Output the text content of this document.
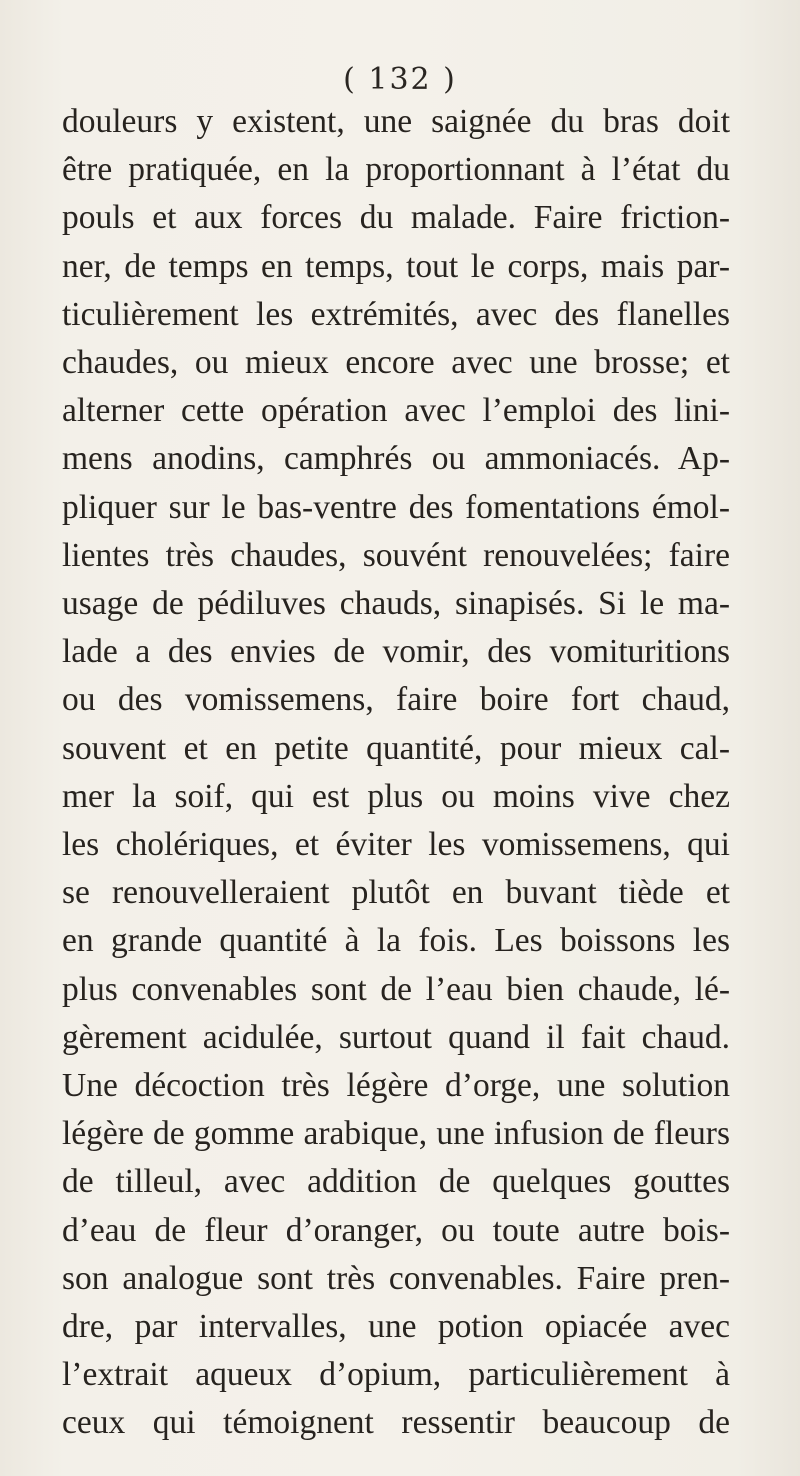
( 132 )
douleurs y existent, une saignée du bras doit
être pratiquée, en la proportionnant à l’état du
pouls et aux forces du malade. Faire friction-
ner, de temps en temps, tout le corps, mais par-
ticulièrement les extrémités, avec des flanelles
chaudes, ou mieux encore avec une brosse; et
alterner cette opération avec l’emploi des lini-
mens anodins, camphrés ou ammoniacés. Ap-
pliquer sur le bas-ventre des fomentations émol-
lientes très chaudes, souvént renouvelées; faire
usage de pédiluves chauds, sinapisés. Si le ma-
lade a des envies de vomir, des vomituritions
ou des vomissemens, faire boire fort chaud,
souvent et en petite quantité, pour mieux cal-
mer la soif, qui est plus ou moins vive chez
les cholériques, et éviter les vomissemens, qui
se renouvelleraient plutôt en buvant tiède et
en grande quantité à la fois. Les boissons les
plus convenables sont de l’eau bien chaude, lé-
gèrement acidulée, surtout quand il fait chaud.
Une décoction très légère d’orge, une solution
légère de gomme arabique, une infusion de fleurs
de tilleul, avec addition de quelques gouttes
d’eau de fleur d’oranger, ou toute autre bois-
son analogue sont très convenables. Faire pren-
dre, par intervalles, une potion opiacée avec
l’extrait aqueux d’opium, particulièrement à
ceux qui témoignent ressentir beaucoup de
